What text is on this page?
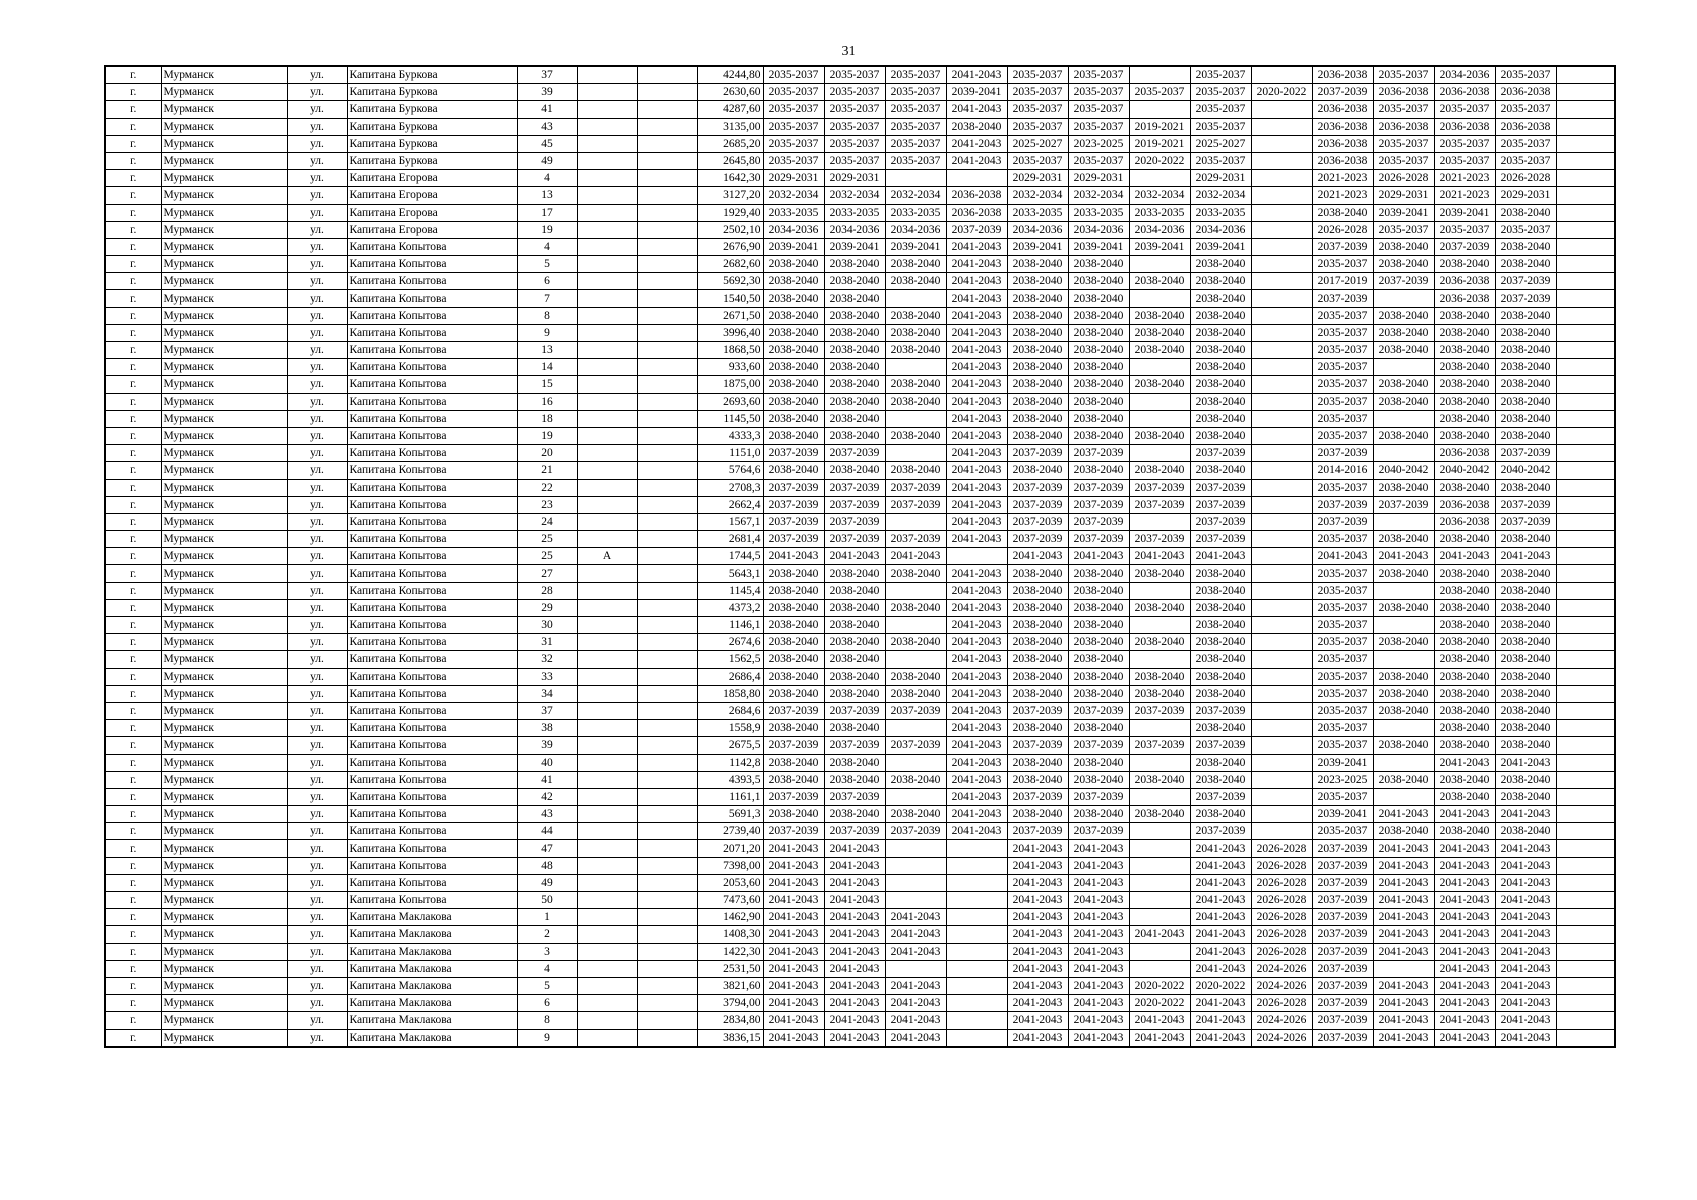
31
г.	Мурманск	ул.	Капитана Буркова	37			4244,80	2035-2037	2035-2037	2035-2037	2041-2043	2035-2037	2035-2037		2035-2037		2036-2038	2035-2037	2034-2036	2035-2037	
г.	Мурманск	ул.	Капитана Буркова	39			2630,60	2035-2037	2035-2037	2035-2037	2039-2041	2035-2037	2035-2037	2035-2037	2035-2037	2020-2022	2037-2039	2036-2038	2036-2038	2036-2038	
г.	Мурманск	ул.	Капитана Буркова	41			4287,60	2035-2037	2035-2037	2035-2037	2041-2043	2035-2037	2035-2037		2035-2037		2036-2038	2035-2037	2035-2037	2035-2037	
г.	Мурманск	ул.	Капитана Буркова	43			3135,00	2035-2037	2035-2037	2035-2037	2038-2040	2035-2037	2035-2037	2019-2021	2035-2037		2036-2038	2036-2038	2036-2038	2036-2038	
г.	Мурманск	ул.	Капитана Буркова	45			2685,20	2035-2037	2035-2037	2035-2037	2041-2043	2025-2027	2023-2025	2019-2021	2025-2027		2036-2038	2035-2037	2035-2037	2035-2037	
г.	Мурманск	ул.	Капитана Буркова	49			2645,80	2035-2037	2035-2037	2035-2037	2041-2043	2035-2037	2035-2037	2020-2022	2035-2037		2036-2038	2035-2037	2035-2037	2035-2037	
г.	Мурманск	ул.	Капитана Егорова	4			1642,30	2029-2031	2029-2031			2029-2031	2029-2031		2029-2031		2021-2023	2026-2028	2021-2023	2026-2028	
г.	Мурманск	ул.	Капитана Егорова	13			3127,20	2032-2034	2032-2034	2032-2034	2036-2038	2032-2034	2032-2034	2032-2034	2032-2034		2021-2023	2029-2031	2021-2023	2029-2031	
г.	Мурманск	ул.	Капитана Егорова	17			1929,40	2033-2035	2033-2035	2033-2035	2036-2038	2033-2035	2033-2035	2033-2035	2033-2035		2038-2040	2039-2041	2039-2041	2038-2040	
г.	Мурманск	ул.	Капитана Егорова	19			2502,10	2034-2036	2034-2036	2034-2036	2037-2039	2034-2036	2034-2036	2034-2036	2034-2036		2026-2028	2035-2037	2035-2037	2035-2037	
г.	Мурманск	ул.	Капитана Копытова	4			2676,90	2039-2041	2039-2041	2039-2041	2041-2043	2039-2041	2039-2041	2039-2041	2039-2041		2037-2039	2038-2040	2037-2039	2038-2040	
г.	Мурманск	ул.	Капитана Копытова	5			2682,60	2038-2040	2038-2040	2038-2040	2041-2043	2038-2040	2038-2040		2038-2040		2035-2037	2038-2040	2038-2040	2038-2040	
г.	Мурманск	ул.	Капитана Копытова	6			5692,30	2038-2040	2038-2040	2038-2040	2041-2043	2038-2040	2038-2040	2038-2040	2038-2040		2017-2019	2037-2039	2036-2038	2037-2039	
г.	Мурманск	ул.	Капитана Копытова	7			1540,50	2038-2040	2038-2040		2041-2043	2038-2040	2038-2040		2038-2040		2037-2039		2036-2038	2037-2039	
г.	Мурманск	ул.	Капитана Копытова	8			2671,50	2038-2040	2038-2040	2038-2040	2041-2043	2038-2040	2038-2040	2038-2040	2038-2040		2035-2037	2038-2040	2038-2040	2038-2040	
г.	Мурманск	ул.	Капитана Копытова	9			3996,40	2038-2040	2038-2040	2038-2040	2041-2043	2038-2040	2038-2040	2038-2040	2038-2040		2035-2037	2038-2040	2038-2040	2038-2040	
г.	Мурманск	ул.	Капитана Копытова	13			1868,50	2038-2040	2038-2040	2038-2040	2041-2043	2038-2040	2038-2040	2038-2040	2038-2040		2035-2037	2038-2040	2038-2040	2038-2040	
г.	Мурманск	ул.	Капитана Копытова	14			933,60	2038-2040	2038-2040		2041-2043	2038-2040	2038-2040		2038-2040		2035-2037		2038-2040	2038-2040	
г.	Мурманск	ул.	Капитана Копытова	15			1875,00	2038-2040	2038-2040	2038-2040	2041-2043	2038-2040	2038-2040	2038-2040	2038-2040		2035-2037	2038-2040	2038-2040	2038-2040	
г.	Мурманск	ул.	Капитана Копытова	16			2693,60	2038-2040	2038-2040	2038-2040	2041-2043	2038-2040	2038-2040		2038-2040		2035-2037	2038-2040	2038-2040	2038-2040	
г.	Мурманск	ул.	Капитана Копытова	18			1145,50	2038-2040	2038-2040		2041-2043	2038-2040	2038-2040		2038-2040		2035-2037		2038-2040	2038-2040	
г.	Мурманск	ул.	Капитана Копытова	19			4333,3	2038-2040	2038-2040	2038-2040	2041-2043	2038-2040	2038-2040	2038-2040	2038-2040		2035-2037	2038-2040	2038-2040	2038-2040	
г.	Мурманск	ул.	Капитана Копытова	20			1151,0	2037-2039	2037-2039		2041-2043	2037-2039	2037-2039		2037-2039		2037-2039		2036-2038	2037-2039	
г.	Мурманск	ул.	Капитана Копытова	21			5764,6	2038-2040	2038-2040	2038-2040	2041-2043	2038-2040	2038-2040	2038-2040	2038-2040		2014-2016	2040-2042	2040-2042	2040-2042	
г.	Мурманск	ул.	Капитана Копытова	22			2708,3	2037-2039	2037-2039	2037-2039	2041-2043	2037-2039	2037-2039	2037-2039	2037-2039		2035-2037	2038-2040	2038-2040	2038-2040	
г.	Мурманск	ул.	Капитана Копытова	23			2662,4	2037-2039	2037-2039	2037-2039	2041-2043	2037-2039	2037-2039	2037-2039	2037-2039		2037-2039	2037-2039	2036-2038	2037-2039	
г.	Мурманск	ул.	Капитана Копытова	24			1567,1	2037-2039	2037-2039		2041-2043	2037-2039	2037-2039		2037-2039		2037-2039		2036-2038	2037-2039	
г.	Мурманск	ул.	Капитана Копытова	25			2681,4	2037-2039	2037-2039	2037-2039	2041-2043	2037-2039	2037-2039	2037-2039	2037-2039		2035-2037	2038-2040	2038-2040	2038-2040	
г.	Мурманск	ул.	Капитана Копытова	25	А		1744,5	2041-2043	2041-2043	2041-2043		2041-2043	2041-2043	2041-2043	2041-2043		2041-2043	2041-2043	2041-2043	2041-2043	
г.	Мурманск	ул.	Капитана Копытова	27			5643,1	2038-2040	2038-2040	2038-2040	2041-2043	2038-2040	2038-2040	2038-2040	2038-2040		2035-2037	2038-2040	2038-2040	2038-2040	
г.	Мурманск	ул.	Капитана Копытова	28			1145,4	2038-2040	2038-2040		2041-2043	2038-2040	2038-2040		2038-2040		2035-2037		2038-2040	2038-2040	
г.	Мурманск	ул.	Капитана Копытова	29			4373,2	2038-2040	2038-2040	2038-2040	2041-2043	2038-2040	2038-2040	2038-2040	2038-2040		2035-2037	2038-2040	2038-2040	2038-2040	
г.	Мурманск	ул.	Капитана Копытова	30			1146,1	2038-2040	2038-2040		2041-2043	2038-2040	2038-2040		2038-2040		2035-2037		2038-2040	2038-2040	
г.	Мурманск	ул.	Капитана Копытова	31			2674,6	2038-2040	2038-2040	2038-2040	2041-2043	2038-2040	2038-2040	2038-2040	2038-2040		2035-2037	2038-2040	2038-2040	2038-2040	
г.	Мурманск	ул.	Капитана Копытова	32			1562,5	2038-2040	2038-2040		2041-2043	2038-2040	2038-2040		2038-2040		2035-2037		2038-2040	2038-2040	
г.	Мурманск	ул.	Капитана Копытова	33			2686,4	2038-2040	2038-2040	2038-2040	2041-2043	2038-2040	2038-2040	2038-2040	2038-2040		2035-2037	2038-2040	2038-2040	2038-2040	
г.	Мурманск	ул.	Капитана Копытова	34			1858,80	2038-2040	2038-2040	2038-2040	2041-2043	2038-2040	2038-2040	2038-2040	2038-2040		2035-2037	2038-2040	2038-2040	2038-2040	
г.	Мурманск	ул.	Капитана Копытова	37			2684,6	2037-2039	2037-2039	2037-2039	2041-2043	2037-2039	2037-2039	2037-2039	2037-2039		2035-2037	2038-2040	2038-2040	2038-2040	
г.	Мурманск	ул.	Капитана Копытова	38			1558,9	2038-2040	2038-2040		2041-2043	2038-2040	2038-2040		2038-2040		2035-2037		2038-2040	2038-2040	
г.	Мурманск	ул.	Капитана Копытова	39			2675,5	2037-2039	2037-2039	2037-2039	2041-2043	2037-2039	2037-2039	2037-2039	2037-2039		2035-2037	2038-2040	2038-2040	2038-2040	
г.	Мурманск	ул.	Капитана Копытова	40			1142,8	2038-2040	2038-2040		2041-2043	2038-2040	2038-2040		2038-2040		2039-2041		2041-2043	2041-2043	
г.	Мурманск	ул.	Капитана Копытова	41			4393,5	2038-2040	2038-2040	2038-2040	2041-2043	2038-2040	2038-2040	2038-2040	2038-2040		2023-2025	2038-2040	2038-2040	2038-2040	
г.	Мурманск	ул.	Капитана Копытова	42			1161,1	2037-2039	2037-2039		2041-2043	2037-2039	2037-2039		2037-2039		2035-2037		2038-2040	2038-2040	
г.	Мурманск	ул.	Капитана Копытова	43			5691,3	2038-2040	2038-2040	2038-2040	2041-2043	2038-2040	2038-2040	2038-2040	2038-2040		2039-2041	2041-2043	2041-2043	2041-2043	
г.	Мурманск	ул.	Капитана Копытова	44			2739,40	2037-2039	2037-2039	2037-2039	2041-2043	2037-2039	2037-2039		2037-2039		2035-2037	2038-2040	2038-2040	2038-2040	
г.	Мурманск	ул.	Капитана Копытова	47			2071,20	2041-2043	2041-2043			2041-2043	2041-2043		2041-2043	2026-2028	2037-2039	2041-2043	2041-2043	2041-2043	
г.	Мурманск	ул.	Капитана Копытова	48			7398,00	2041-2043	2041-2043			2041-2043	2041-2043		2041-2043	2026-2028	2037-2039	2041-2043	2041-2043	2041-2043	
г.	Мурманск	ул.	Капитана Копытова	49			2053,60	2041-2043	2041-2043			2041-2043	2041-2043		2041-2043	2026-2028	2037-2039	2041-2043	2041-2043	2041-2043	
г.	Мурманск	ул.	Капитана Копытова	50			7473,60	2041-2043	2041-2043			2041-2043	2041-2043		2041-2043	2026-2028	2037-2039	2041-2043	2041-2043	2041-2043	
г.	Мурманск	ул.	Капитана Маклакова	1			1462,90	2041-2043	2041-2043	2041-2043		2041-2043	2041-2043		2041-2043	2026-2028	2037-2039	2041-2043	2041-2043	2041-2043	
г.	Мурманск	ул.	Капитана Маклакова	2			1408,30	2041-2043	2041-2043	2041-2043		2041-2043	2041-2043	2041-2043	2041-2043	2026-2028	2037-2039	2041-2043	2041-2043	2041-2043	
г.	Мурманск	ул.	Капитана Маклакова	3			1422,30	2041-2043	2041-2043	2041-2043		2041-2043	2041-2043		2041-2043	2026-2028	2037-2039	2041-2043	2041-2043	2041-2043	
г.	Мурманск	ул.	Капитана Маклакова	4			2531,50	2041-2043	2041-2043			2041-2043	2041-2043		2041-2043	2024-2026	2037-2039		2041-2043	2041-2043	
г.	Мурманск	ул.	Капитана Маклакова	5			3821,60	2041-2043	2041-2043	2041-2043		2041-2043	2041-2043	2020-2022	2020-2022	2024-2026	2037-2039	2041-2043	2041-2043	2041-2043	
г.	Мурманск	ул.	Капитана Маклакова	6			3794,00	2041-2043	2041-2043	2041-2043		2041-2043	2041-2043	2020-2022	2041-2043	2026-2028	2037-2039	2041-2043	2041-2043	2041-2043	
г.	Мурманск	ул.	Капитана Маклакова	8			2834,80	2041-2043	2041-2043	2041-2043		2041-2043	2041-2043	2041-2043	2041-2043	2024-2026	2037-2039	2041-2043	2041-2043	2041-2043	
г.	Мурманск	ул.	Капитана Маклакова	9			3836,15	2041-2043	2041-2043	2041-2043		2041-2043	2041-2043	2041-2043	2041-2043	2024-2026	2037-2039	2041-2043	2041-2043	2041-2043	
